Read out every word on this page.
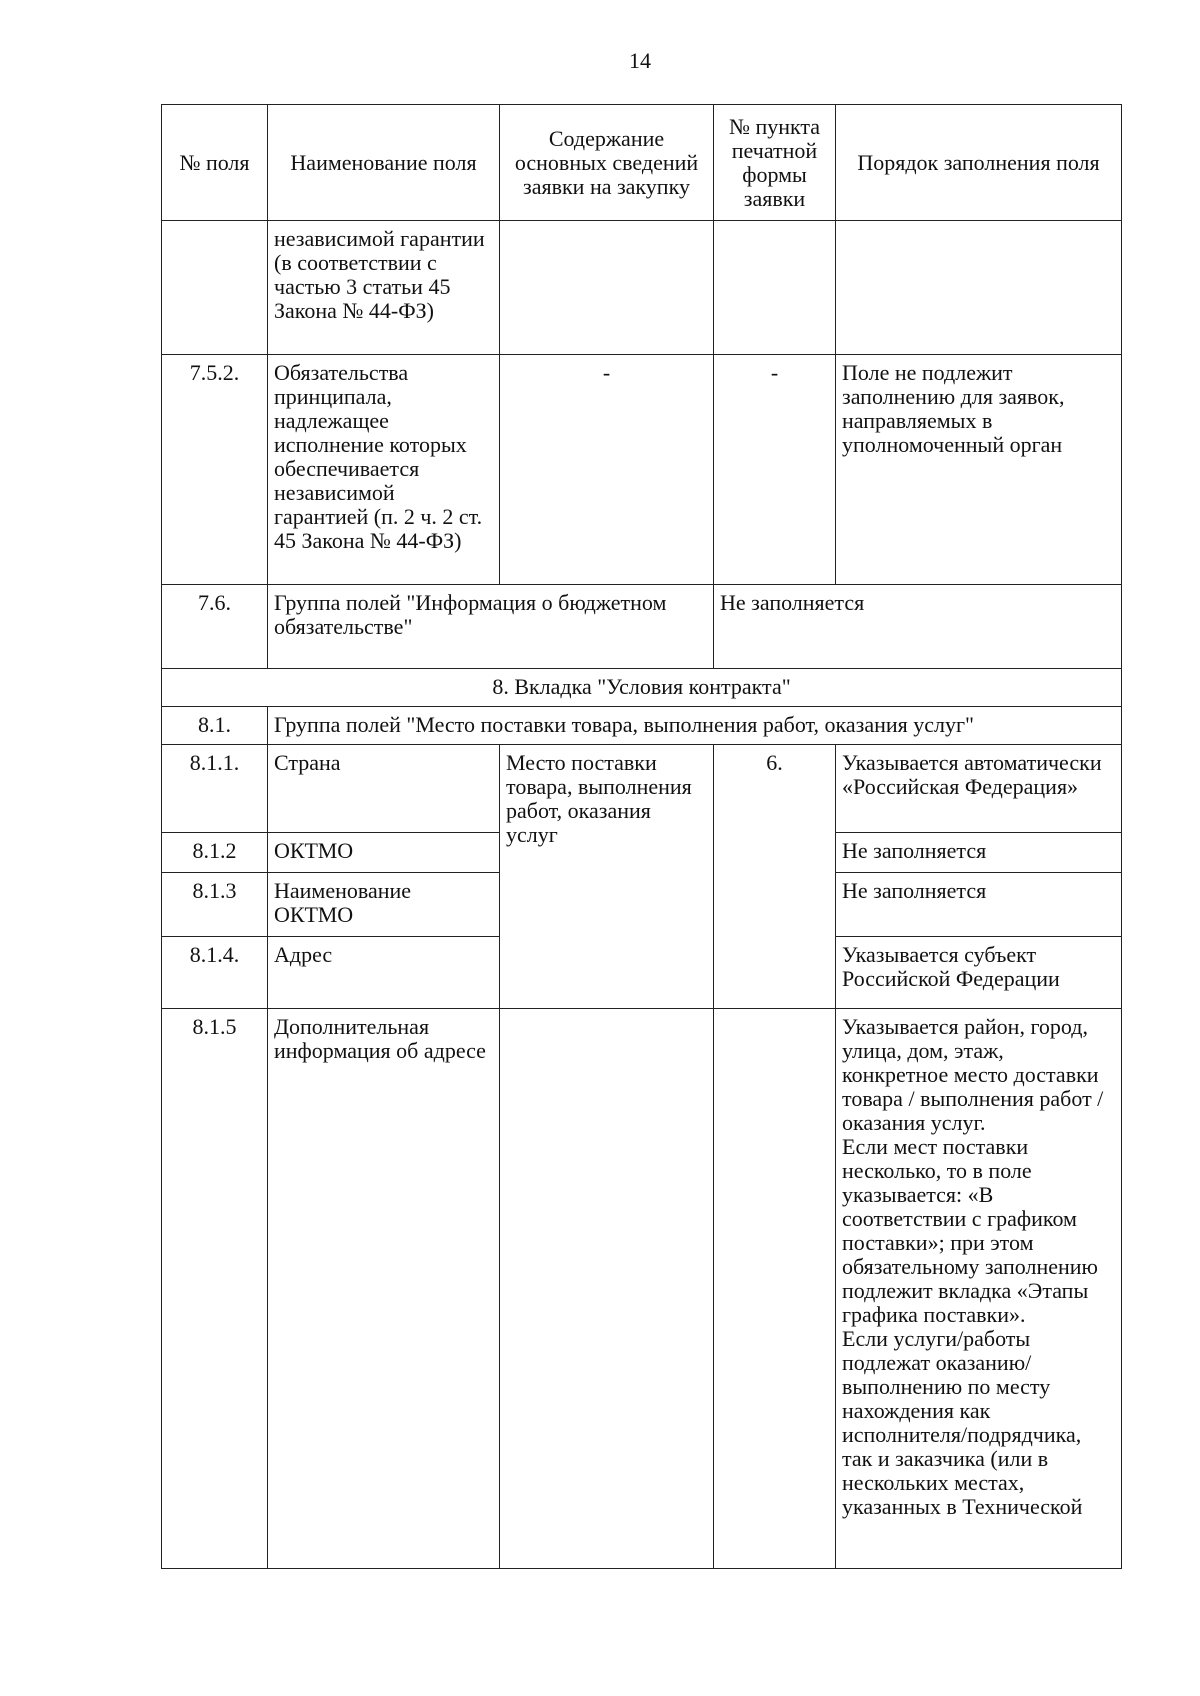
14
№ поля	Наименование поля	Содержание основных сведений заявки на закупку	№ пункта печатной формы заявки	Порядок заполнения поля
	независимой гарантии (в соответствии с частью 3 статьи 45 Закона № 44-ФЗ)			
7.5.2.	Обязательства принципала, надлежащее исполнение которых обеспечивается независимой гарантией (п. 2 ч. 2 ст. 45 Закона № 44-ФЗ)	-	-	Поле не подлежит заполнению для заявок, направляемых в уполномоченный орган
7.6.	Группа полей "Информация о бюджетном обязательстве"		Не заполняется	
8. Вкладка "Условия контракта"				
8.1.	Группа полей "Место поставки товара, выполнения работ, оказания услуг"			
8.1.1.	Страна	Место поставки товара, выполнения работ, оказания услуг	6.	Указывается автоматически «Российская Федерация»
8.1.2	ОКТМО			Не заполняется
8.1.3	Наименование ОКТМО			Не заполняется
8.1.4.	Адрес			Указывается субъект Российской Федерации
8.1.5	Дополнительная информация об адресе			Указывается район, город, улица, дом, этаж, конкретное место доставки товара / выполнения работ / оказания услуг.
Если мест поставки несколько, то в поле указывается: «В соответствии с графиком поставки»; при этом обязательному заполнению подлежит вкладка «Этапы графика поставки».
Если услуги/работы подлежат оказанию/выполнению по месту нахождения как исполнителя/подрядчика, так и заказчика (или в нескольких местах, указанных в Технической
